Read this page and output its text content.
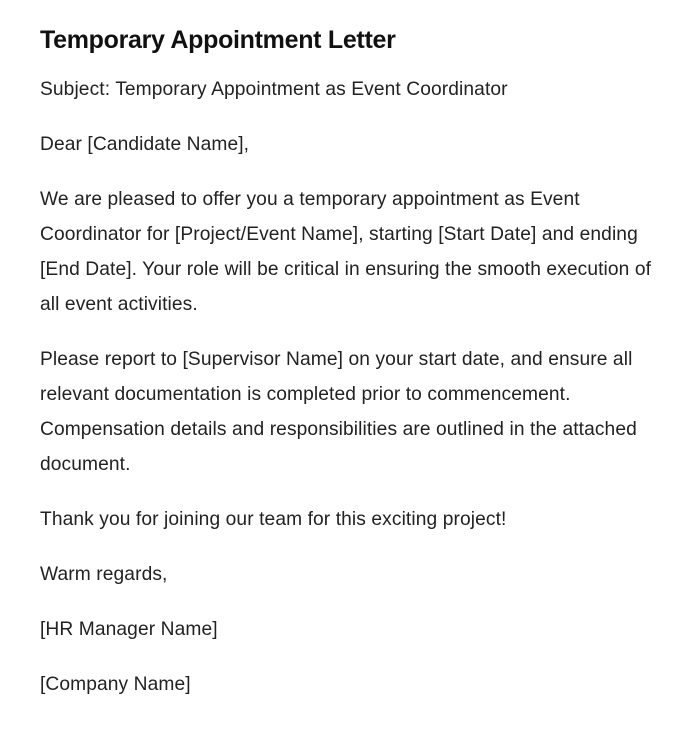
Temporary Appointment Letter

Subject: Temporary Appointment as Event Coordinator

Dear [Candidate Name],

We are pleased to offer you a temporary appointment as Event Coordinator for [Project/Event Name], starting [Start Date] and ending [End Date]. Your role will be critical in ensuring the smooth execution of all event activities.

Please report to [Supervisor Name] on your start date, and ensure all relevant documentation is completed prior to commencement. Compensation details and responsibilities are outlined in the attached document.

Thank you for joining our team for this exciting project!

Warm regards,

[HR Manager Name]

[Company Name]
